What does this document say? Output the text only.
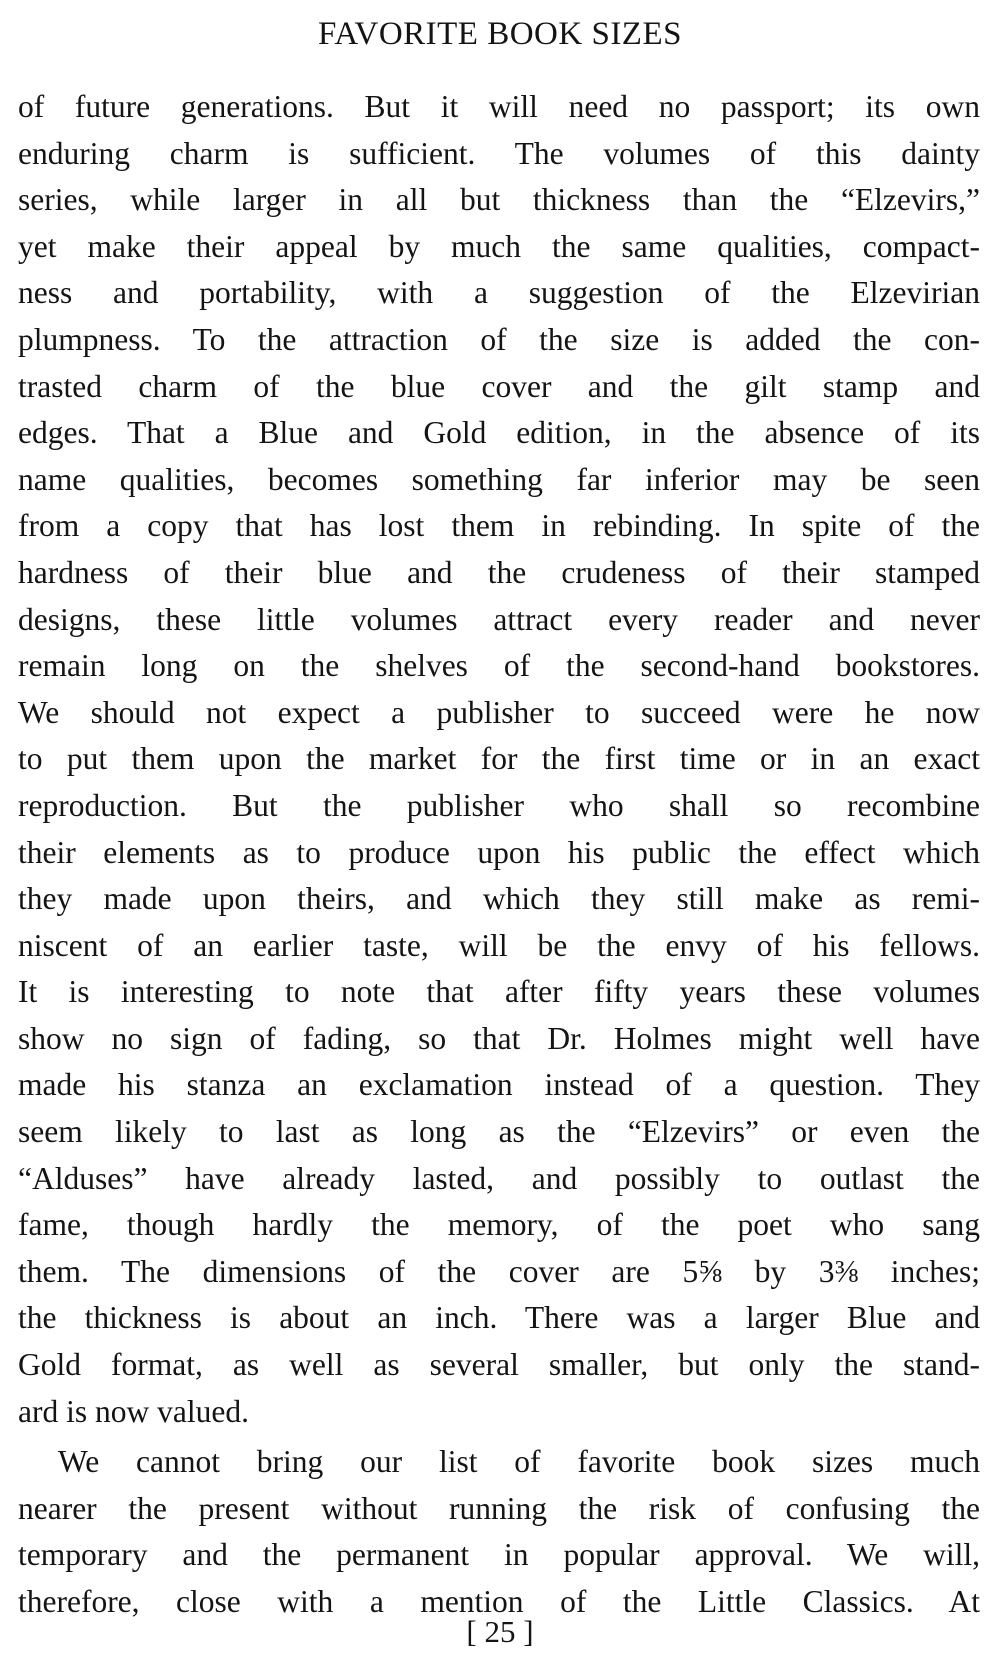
FAVORITE BOOK SIZES
of future generations. But it will need no passport; its own
enduring charm is sufficient. The volumes of this dainty
series, while larger in all but thickness than the “Elzevirs,”
yet make their appeal by much the same qualities, compact-
ness and portability, with a suggestion of the Elzevirian
plumpness. To the attraction of the size is added the con-
trasted charm of the blue cover and the gilt stamp and
edges. That a Blue and Gold edition, in the absence of its
name qualities, becomes something far inferior may be seen
from a copy that has lost them in rebinding. In spite of the
hardness of their blue and the crudeness of their stamped
designs, these little volumes attract every reader and never
remain long on the shelves of the second-hand bookstores.
We should not expect a publisher to succeed were he now
to put them upon the market for the first time or in an exact
reproduction. But the publisher who shall so recombine
their elements as to produce upon his public the effect which
they made upon theirs, and which they still make as remi-
niscent of an earlier taste, will be the envy of his fellows.
It is interesting to note that after fifty years these volumes
show no sign of fading, so that Dr. Holmes might well have
made his stanza an exclamation instead of a question. They
seem likely to last as long as the “Elzevirs” or even the
“Alduses” have already lasted, and possibly to outlast the
fame, though hardly the memory, of the poet who sang
them. The dimensions of the cover are 5⅝ by 3⅜ inches;
the thickness is about an inch. There was a larger Blue and
Gold format, as well as several smaller, but only the stand-
ard is now valued.
We cannot bring our list of favorite book sizes much
nearer the present without running the risk of confusing the
temporary and the permanent in popular approval. We will,
therefore, close with a mention of the Little Classics. At
[ 25 ]
